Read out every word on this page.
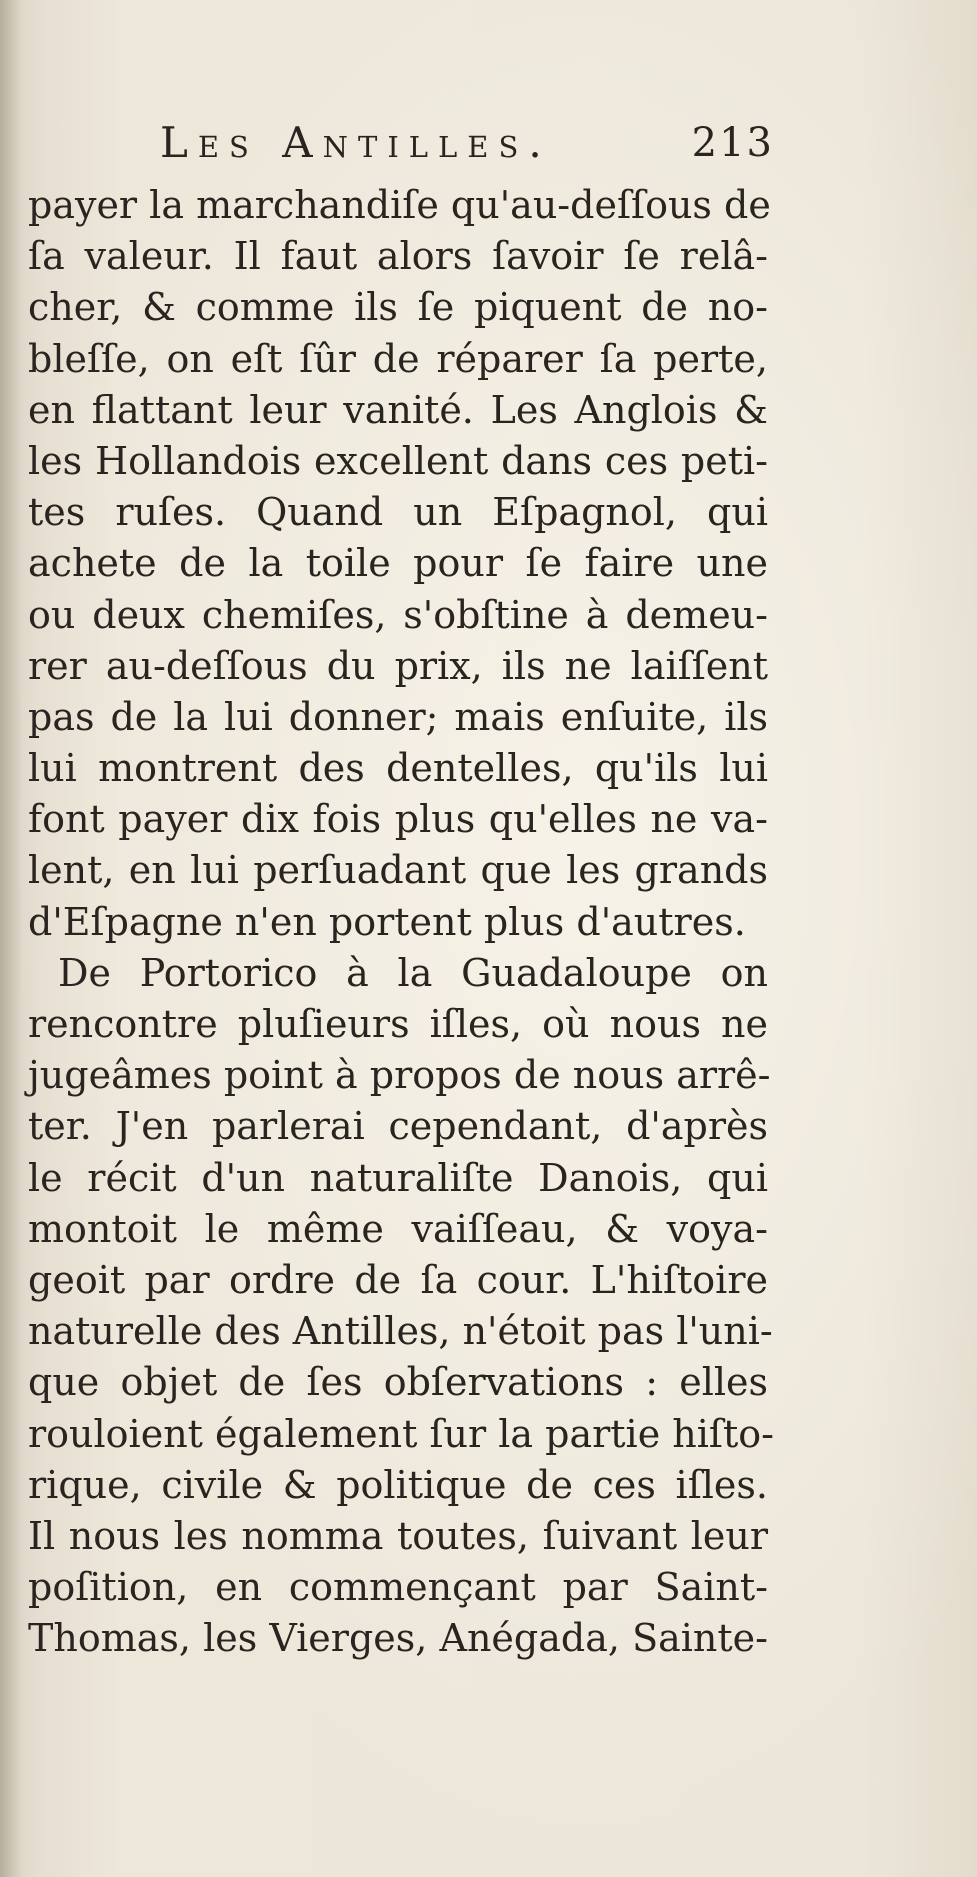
Les Antilles.	213
payer la marchandiſe qu'au-deſſous de
ſa valeur. Il faut alors ſavoir ſe relâ-
cher, & comme ils ſe piquent de no-
bleſſe, on eſt ſûr de réparer ſa perte,
en flattant leur vanité. Les Anglois &
les Hollandois excellent dans ces peti-
tes ruſes. Quand un Eſpagnol, qui
achete de la toile pour ſe faire une
ou deux chemiſes, s'obſtine à demeu-
rer au-deſſous du prix, ils ne laiſſent
pas de la lui donner; mais enſuite, ils
lui montrent des dentelles, qu'ils lui
font payer dix fois plus qu'elles ne va-
lent, en lui perſuadant que les grands
d'Eſpagne n'en portent plus d'autres.
De Portorico à la Guadaloupe on
rencontre pluſieurs iſles, où nous ne
jugeâmes point à propos de nous arrê-
ter. J'en parlerai cependant, d'après
le récit d'un naturaliſte Danois, qui
montoit le même vaiſſeau, & voya-
geoit par ordre de ſa cour. L'hiſtoire
naturelle des Antilles, n'étoit pas l'uni-
que objet de ſes obſervations : elles
rouloient également ſur la partie hiſto-
rique, civile & politique de ces iſles.
Il nous les nomma toutes, ſuivant leur
poſition, en commençant par Saint-
Thomas, les Vierges, Anégada, Sainte-
